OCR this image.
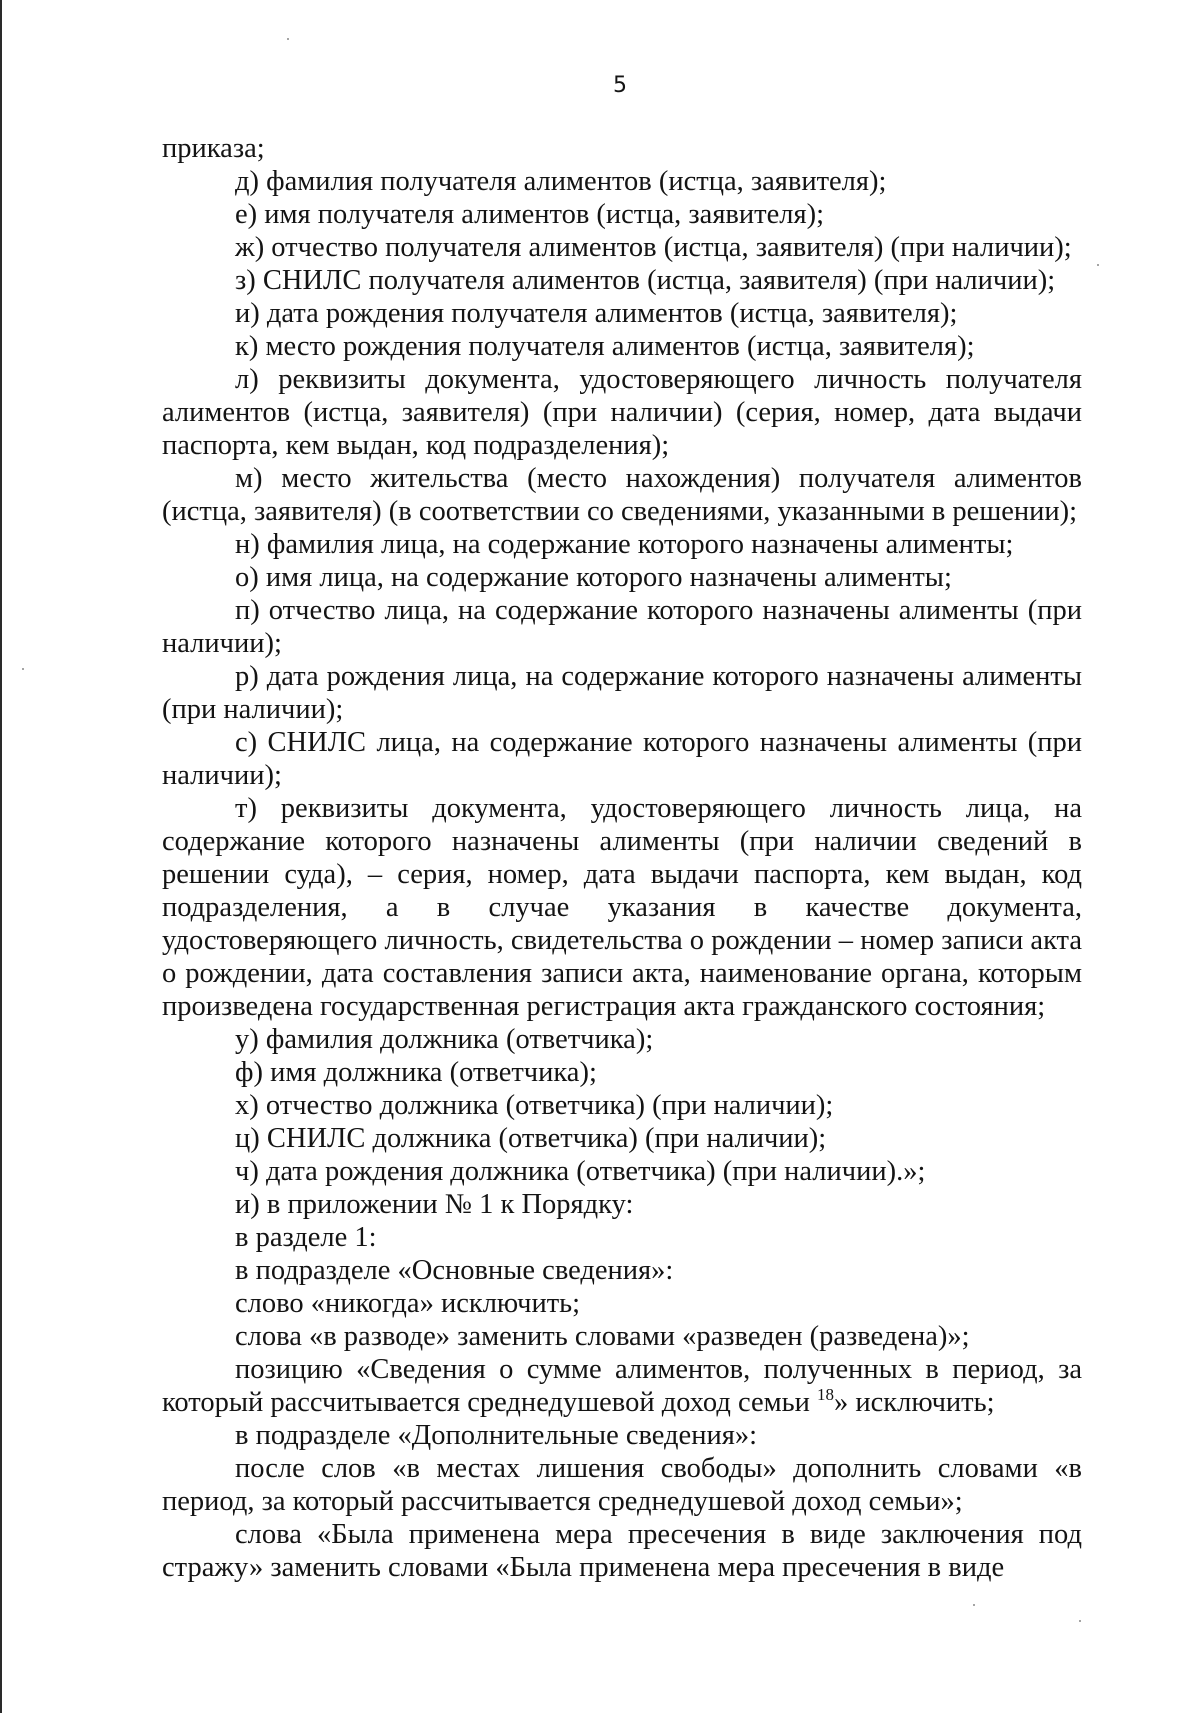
5

приказа;

д) фамилия получателя алиментов (истца, заявителя);

е) имя получателя алиментов (истца, заявителя);

ж) отчество получателя алиментов (истца, заявителя) (при наличии);

з) СНИЛС получателя алиментов (истца, заявителя) (при наличии);

и) дата рождения получателя алиментов (истца, заявителя);

к) место рождения получателя алиментов (истца, заявителя);

л) реквизиты документа, удостоверяющего личность получателя алиментов (истца, заявителя) (при наличии) (серия, номер, дата выдачи паспорта, кем выдан, код подразделения);

м) место жительства (место нахождения) получателя алиментов (истца, заявителя) (в соответствии со сведениями, указанными в решении);

н) фамилия лица, на содержание которого назначены алименты;

о) имя лица, на содержание которого назначены алименты;

п) отчество лица, на содержание которого назначены алименты (при наличии);

р) дата рождения лица, на содержание которого назначены алименты (при наличии);

с) СНИЛС лица, на содержание которого назначены алименты (при наличии);

т) реквизиты документа, удостоверяющего личность лица, на содержание которого назначены алименты (при наличии сведений в решении суда), – серия, номер, дата выдачи паспорта, кем выдан, код подразделения, а в случае указания в качестве документа, удостоверяющего личность, свидетельства о рождении – номер записи акта о рождении, дата составления записи акта, наименование органа, которым произведена государственная регистрация акта гражданского состояния;

у) фамилия должника (ответчика);

ф) имя должника (ответчика);

х) отчество должника (ответчика) (при наличии);

ц) СНИЛС должника (ответчика) (при наличии);

ч) дата рождения должника (ответчика) (при наличии).»;

и) в приложении № 1 к Порядку:

в разделе 1:

в подразделе «Основные сведения»:

слово «никогда» исключить;

слова «в разводе» заменить словами «разведен (разведена)»;

позицию «Сведения о сумме алиментов, полученных в период, за который рассчитывается среднедушевой доход семьи $^{18}$» исключить;

в подразделе «Дополнительные сведения»:

после слов «в местах лишения свободы» дополнить словами «в период, за который рассчитывается среднедушевой доход семьи»;

слова «Была применена мера пресечения в виде заключения под стражу» заменить словами «Была применена мера пресечения в виде
